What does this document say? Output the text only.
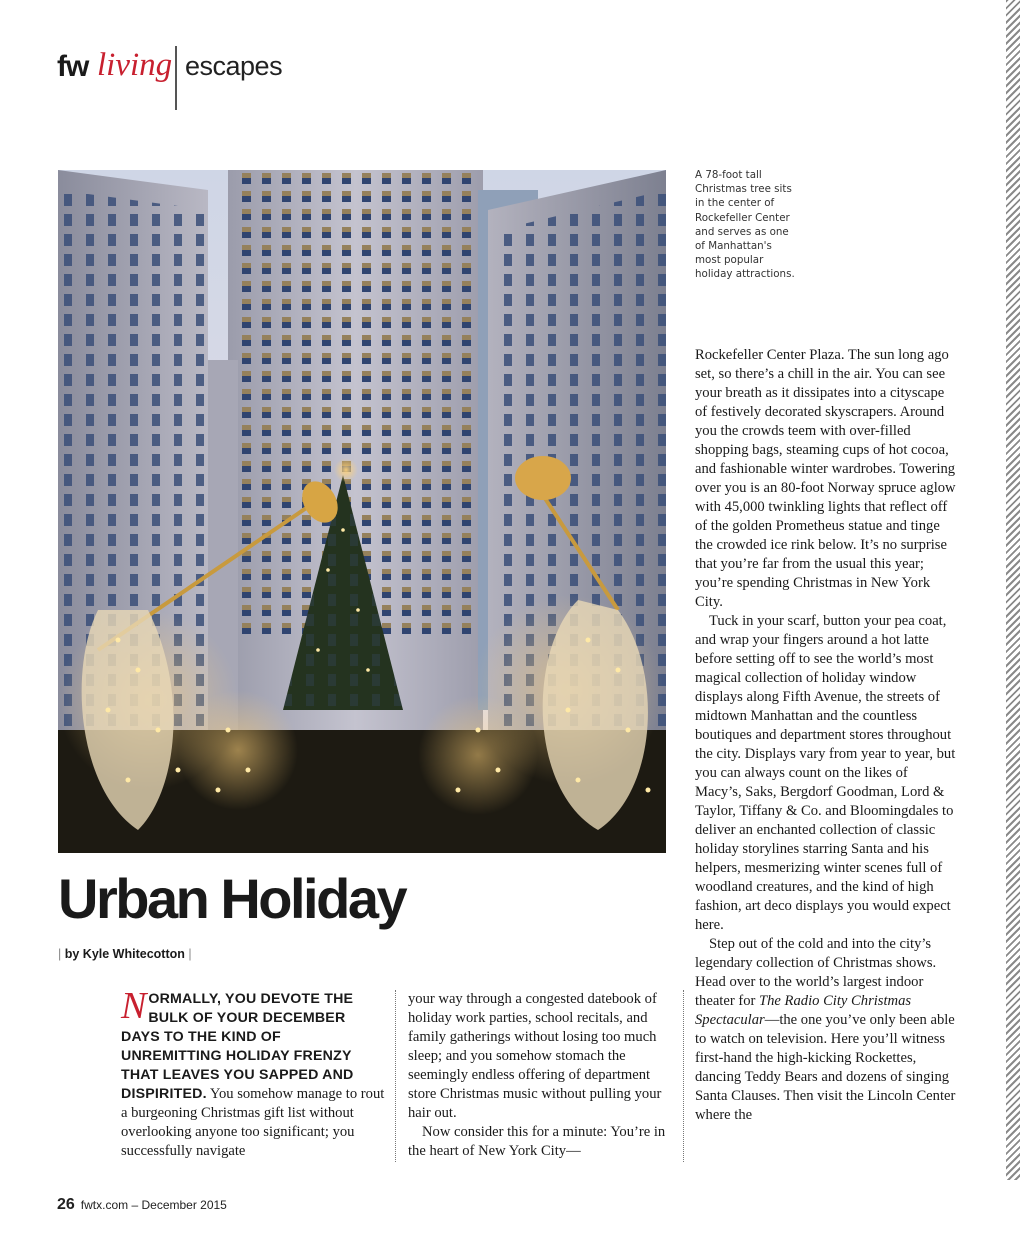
fw living escapes
A 78-foot tall
Christmas tree sits
in the center of
Rockefeller Center
and serves as one
of Manhattan's
most popular
holiday attractions.
Urban Holiday
| by Kyle Whitecotton |

NORMALLY, YOU DEVOTE THE BULK OF YOUR DECEMBER DAYS TO THE KIND OF UNREMITTING HOLIDAY FRENZY THAT LEAVES YOU SAPPED AND DISPIRITED. You somehow manage to rout a burgeoning Christmas gift list without overlooking anyone too significant; you successfully navigate

your way through a congested datebook of holiday work parties, school recitals, and family gatherings without losing too much sleep; and you somehow stomach the seemingly endless offering of department store Christmas music without pulling your hair out.

Now consider this for a minute: You’re in the heart of New York City—

Rockefeller Center Plaza. The sun long ago set, so there’s a chill in the air. You can see your breath as it dissipates into a cityscape of festively decorated skyscrapers. Around you the crowds teem with over-filled shopping bags, steaming cups of hot cocoa, and fashionable winter wardrobes. Towering over you is an 80-foot Norway spruce aglow with 45,000 twinkling lights that reflect off of the golden Prometheus statue and tinge the crowded ice rink below. It’s no surprise that you’re far from the usual this year; you’re spending Christmas in New York City.

Tuck in your scarf, button your pea coat, and wrap your fingers around a hot latte before setting off to see the world’s most magical collection of holiday window displays along Fifth Avenue, the streets of midtown Manhattan and the countless boutiques and department stores throughout the city. Displays vary from year to year, but you can always count on the likes of Macy’s, Saks, Bergdorf Goodman, Lord & Taylor, Tiffany & Co. and Bloomingdales to deliver an enchanted collection of classic holiday storylines starring Santa and his helpers, mesmerizing winter scenes full of woodland creatures, and the kind of high fashion, art deco displays you would expect here.

Step out of the cold and into the city’s legendary collection of Christmas shows. Head over to the world’s largest indoor theater for The Radio City Christmas Spectacular—the one you’ve only been able to watch on television. Here you’ll witness first-hand the high-kicking Rockettes, dancing Teddy Bears and dozens of singing Santa Clauses. Then visit the Lincoln Center where the

26 fwtx.com – December 2015
